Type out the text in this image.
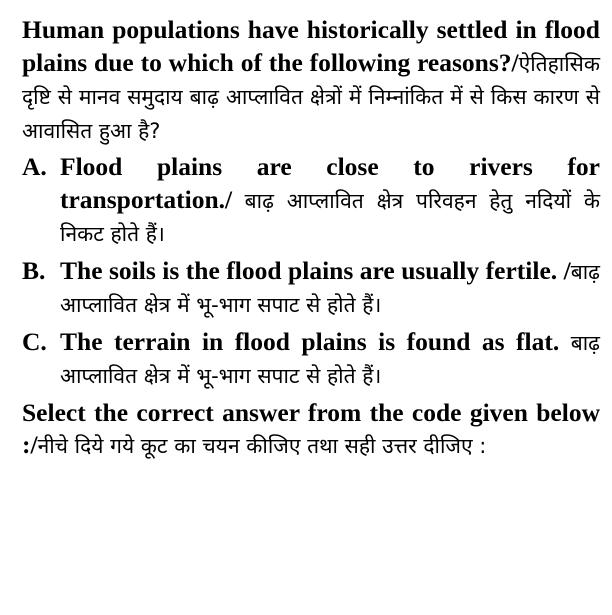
Human populations have historically settled in flood plains due to which of the following reasons?/ऐतिहासिक दृष्टि से मानव समुदाय बाढ़ आप्लावित क्षेत्रों में निम्नांकित में से किस कारण से आवासित हुआ है?

A. Flood plains are close to rivers for transportation./ बाढ़ आप्लावित क्षेत्र परिवहन हेतु नदियों के निकट होते हैं।
B. The soils is the flood plains are usually fertile. /बाढ़ आप्लावित क्षेत्र में भू-भाग सपाट से होते हैं।
C. The terrain in flood plains is found as flat. बाढ़ आप्लावित क्षेत्र में भू-भाग सपाट से होते हैं।

Select the correct answer from the code given below :/नीचे दिये गये कूट का चयन कीजिए तथा सही उत्तर दीजिए :
